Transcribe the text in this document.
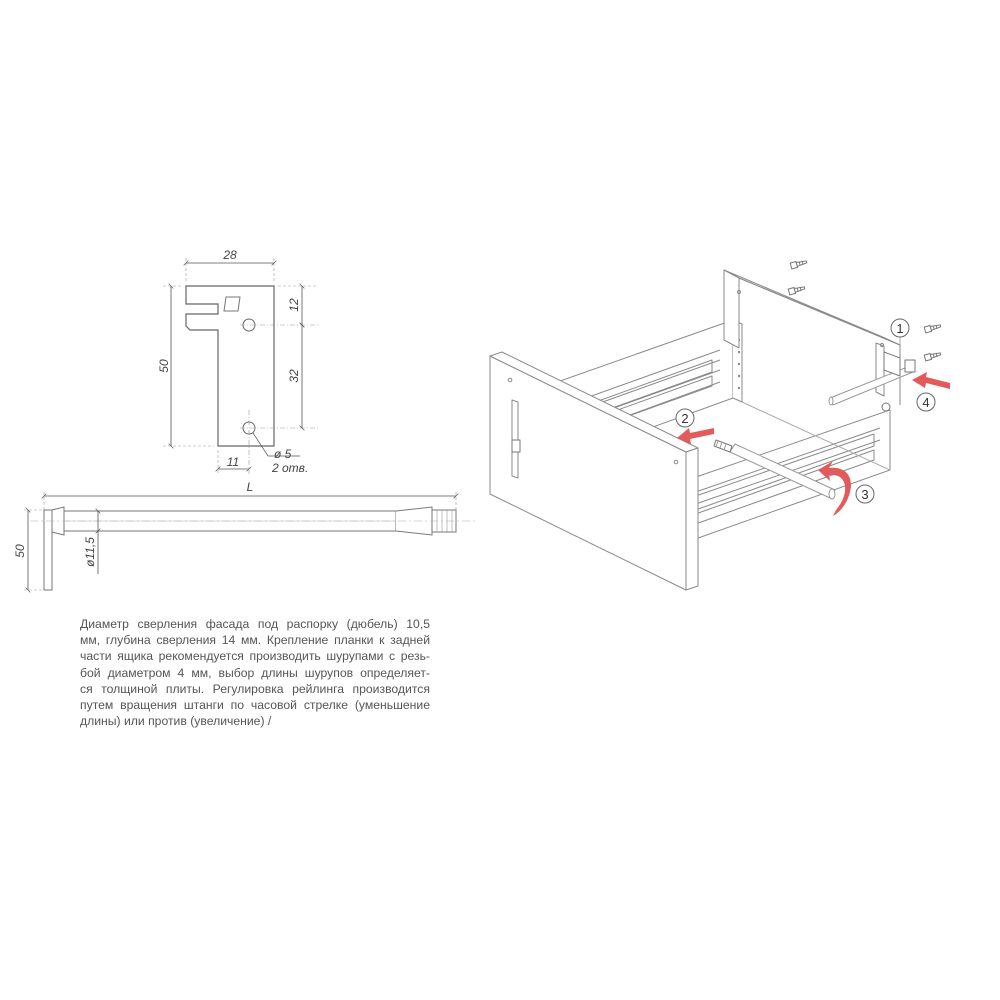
28
50
12
32
11
ø 5
2 отв.
L
50	ø11,5
1
2
3
4

Диаметр сверления фасада под распорку (дюбель) 10,5
мм, глубина сверления 14 мм. Крепление планки к задней
части ящика рекомендуется производить шурупами с резь-
бой диаметром 4 мм, выбор длины шурупов определяет-
ся толщиной плиты. Регулировка рейлинга производится
путем вращения штанги по часовой стрелке (уменьшение
длины) или против (увеличение) /
